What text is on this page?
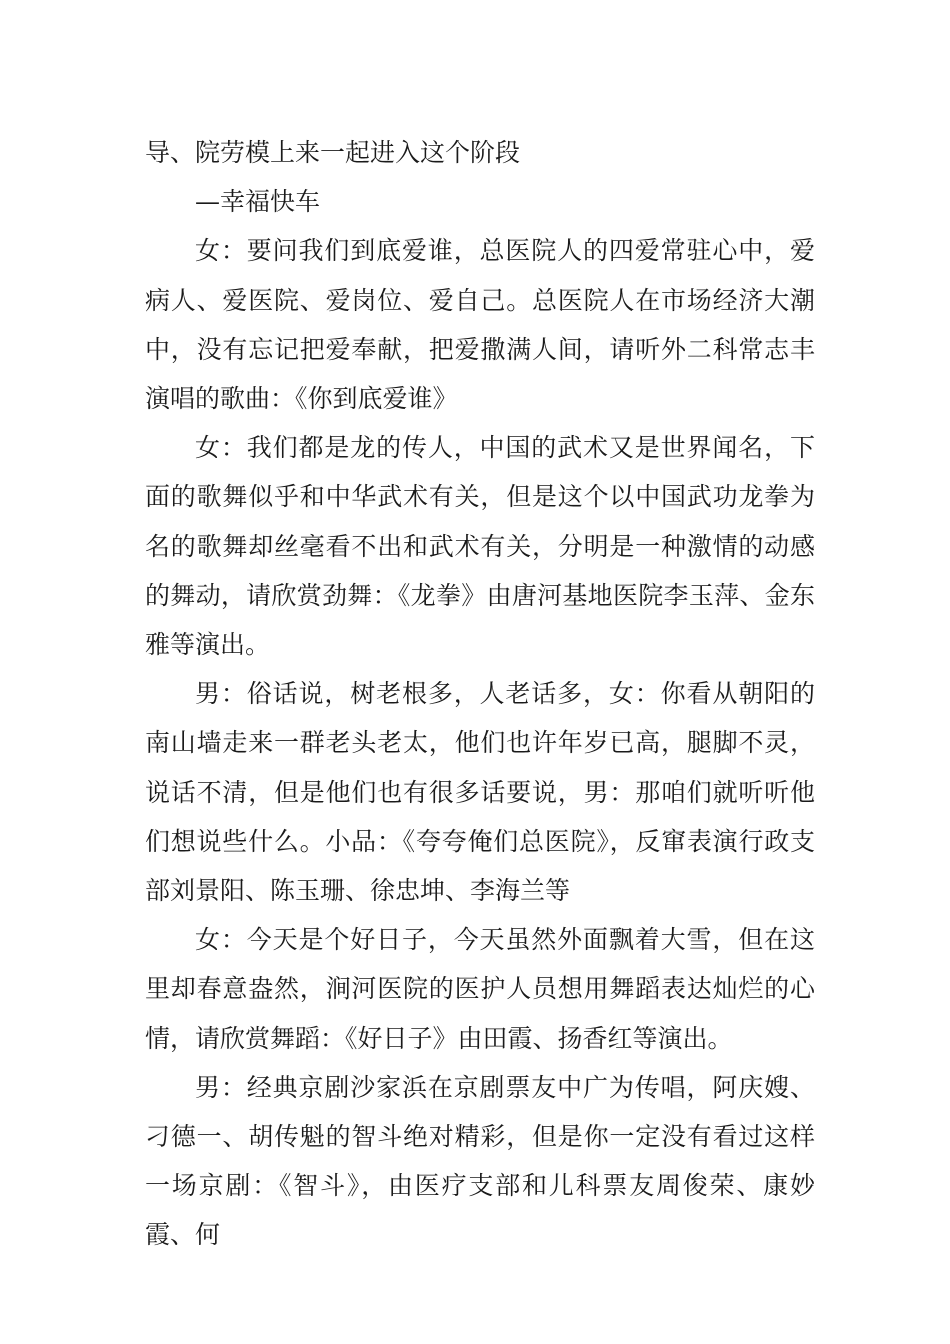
导、院劳模上来一起进入这个阶段

—幸福快车

女：要问我们到底爱谁，总医院人的四爱常驻心中，爱病人、爱医院、爱岗位、爱自己。总医院人在市场经济大潮中，没有忘记把爱奉献，把爱撒满人间，请听外二科常志丰演唱的歌曲：《你到底爱谁》

女：我们都是龙的传人，中国的武术又是世界闻名，下面的歌舞似乎和中华武术有关，但是这个以中国武功龙拳为名的歌舞却丝毫看不出和武术有关，分明是一种激情的动感的舞动，请欣赏劲舞：《龙拳》由唐河基地医院李玉萍、金东雅等演出。

男：俗话说，树老根多，人老话多，女：你看从朝阳的南山墙走来一群老头老太，他们也许年岁已高，腿脚不灵，说话不清，但是他们也有很多话要说，男：那咱们就听听他们想说些什么。小品：《夸夸俺们总医院》，反窜表演行政支部刘景阳、陈玉珊、徐忠坤、李海兰等

女：今天是个好日子，今天虽然外面飘着大雪，但在这里却春意盎然，涧河医院的医护人员想用舞蹈表达灿烂的心情，请欣赏舞蹈：《好日子》由田霞、扬香红等演出。

男：经典京剧沙家浜在京剧票友中广为传唱，阿庆嫂、刁德一、胡传魁的智斗绝对精彩，但是你一定没有看过这样一场京剧：《智斗》，由医疗支部和儿科票友周俊荣、康妙霞、何
